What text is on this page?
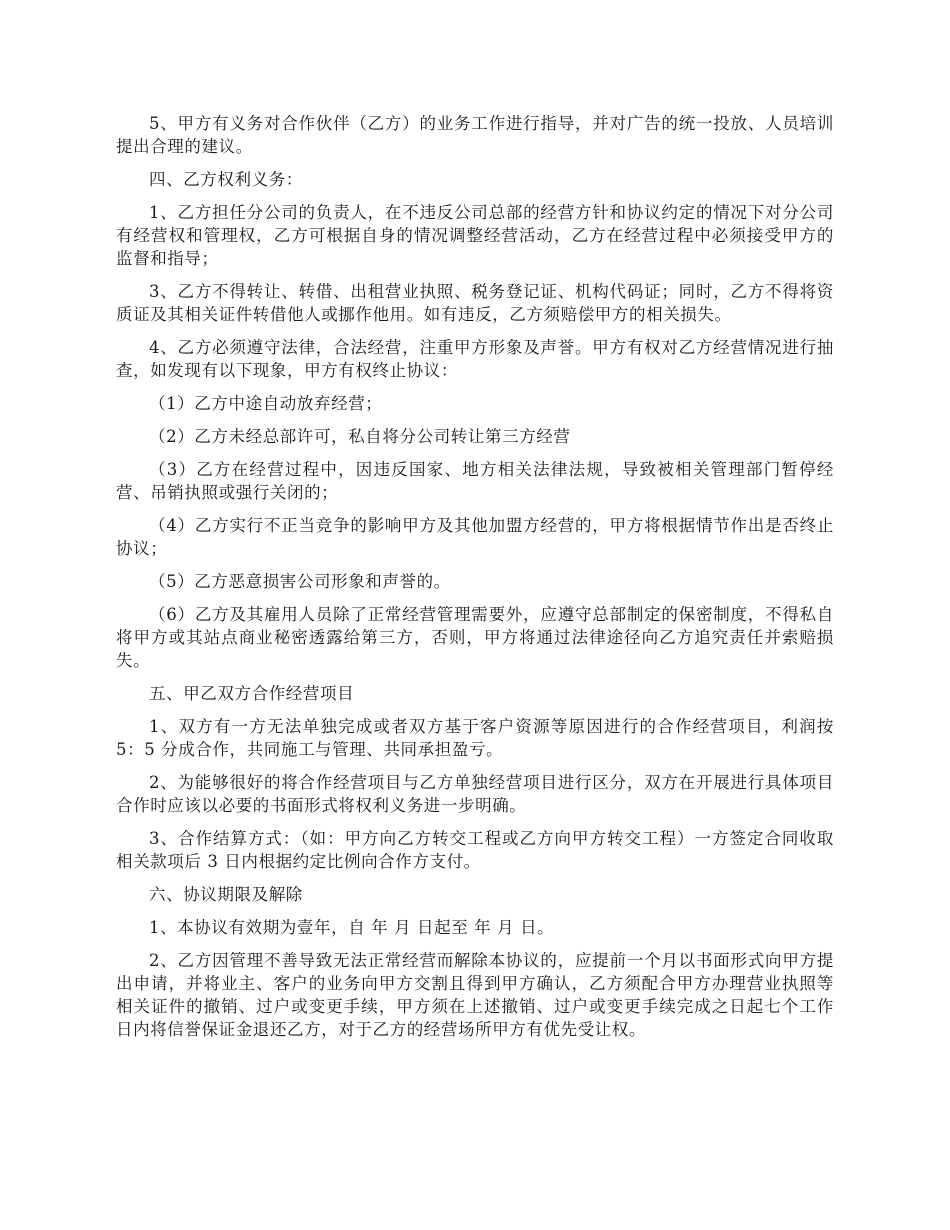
5、甲方有义务对合作伙伴（乙方）的业务工作进行指导，并对广告的统一投放、人员培训提出合理的建议。

四、乙方权利义务：

1、乙方担任分公司的负责人，在不违反公司总部的经营方针和协议约定的情况下对分公司有经营权和管理权，乙方可根据自身的情况调整经营活动，乙方在经营过程中必须接受甲方的监督和指导；

3、乙方不得转让、转借、出租营业执照、税务登记证、机构代码证；同时，乙方不得将资质证及其相关证件转借他人或挪作他用。如有违反，乙方须赔偿甲方的相关损失。

4、乙方必须遵守法律，合法经营，注重甲方形象及声誉。甲方有权对乙方经营情况进行抽查，如发现有以下现象，甲方有权终止协议：

（1）乙方中途自动放弃经营；

（2）乙方未经总部许可，私自将分公司转让第三方经营

（3）乙方在经营过程中，因违反国家、地方相关法律法规，导致被相关管理部门暂停经营、吊销执照或强行关闭的；

（4）乙方实行不正当竞争的影响甲方及其他加盟方经营的，甲方将根据情节作出是否终止协议；

（5）乙方恶意损害公司形象和声誉的。

（6）乙方及其雇用人员除了正常经营管理需要外，应遵守总部制定的保密制度，不得私自将甲方或其站点商业秘密透露给第三方，否则，甲方将通过法律途径向乙方追究责任并索赔损失。

五、甲乙双方合作经营项目

1、双方有一方无法单独完成或者双方基于客户资源等原因进行的合作经营项目，利润按 5：5 分成合作，共同施工与管理、共同承担盈亏。

2、为能够很好的将合作经营项目与乙方单独经营项目进行区分，双方在开展进行具体项目合作时应该以必要的书面形式将权利义务进一步明确。

3、合作结算方式：（如：甲方向乙方转交工程或乙方向甲方转交工程）一方签定合同收取相关款项后 3 日内根据约定比例向合作方支付。

六、协议期限及解除

1、本协议有效期为壹年，自 年 月 日起至 年 月 日。

2、乙方因管理不善导致无法正常经营而解除本协议的，应提前一个月以书面形式向甲方提出申请，并将业主、客户的业务向甲方交割且得到甲方确认，乙方须配合甲方办理营业执照等相关证件的撤销、过户或变更手续，甲方须在上述撤销、过户或变更手续完成之日起七个工作日内将信誉保证金退还乙方，对于乙方的经营场所甲方有优先受让权。
